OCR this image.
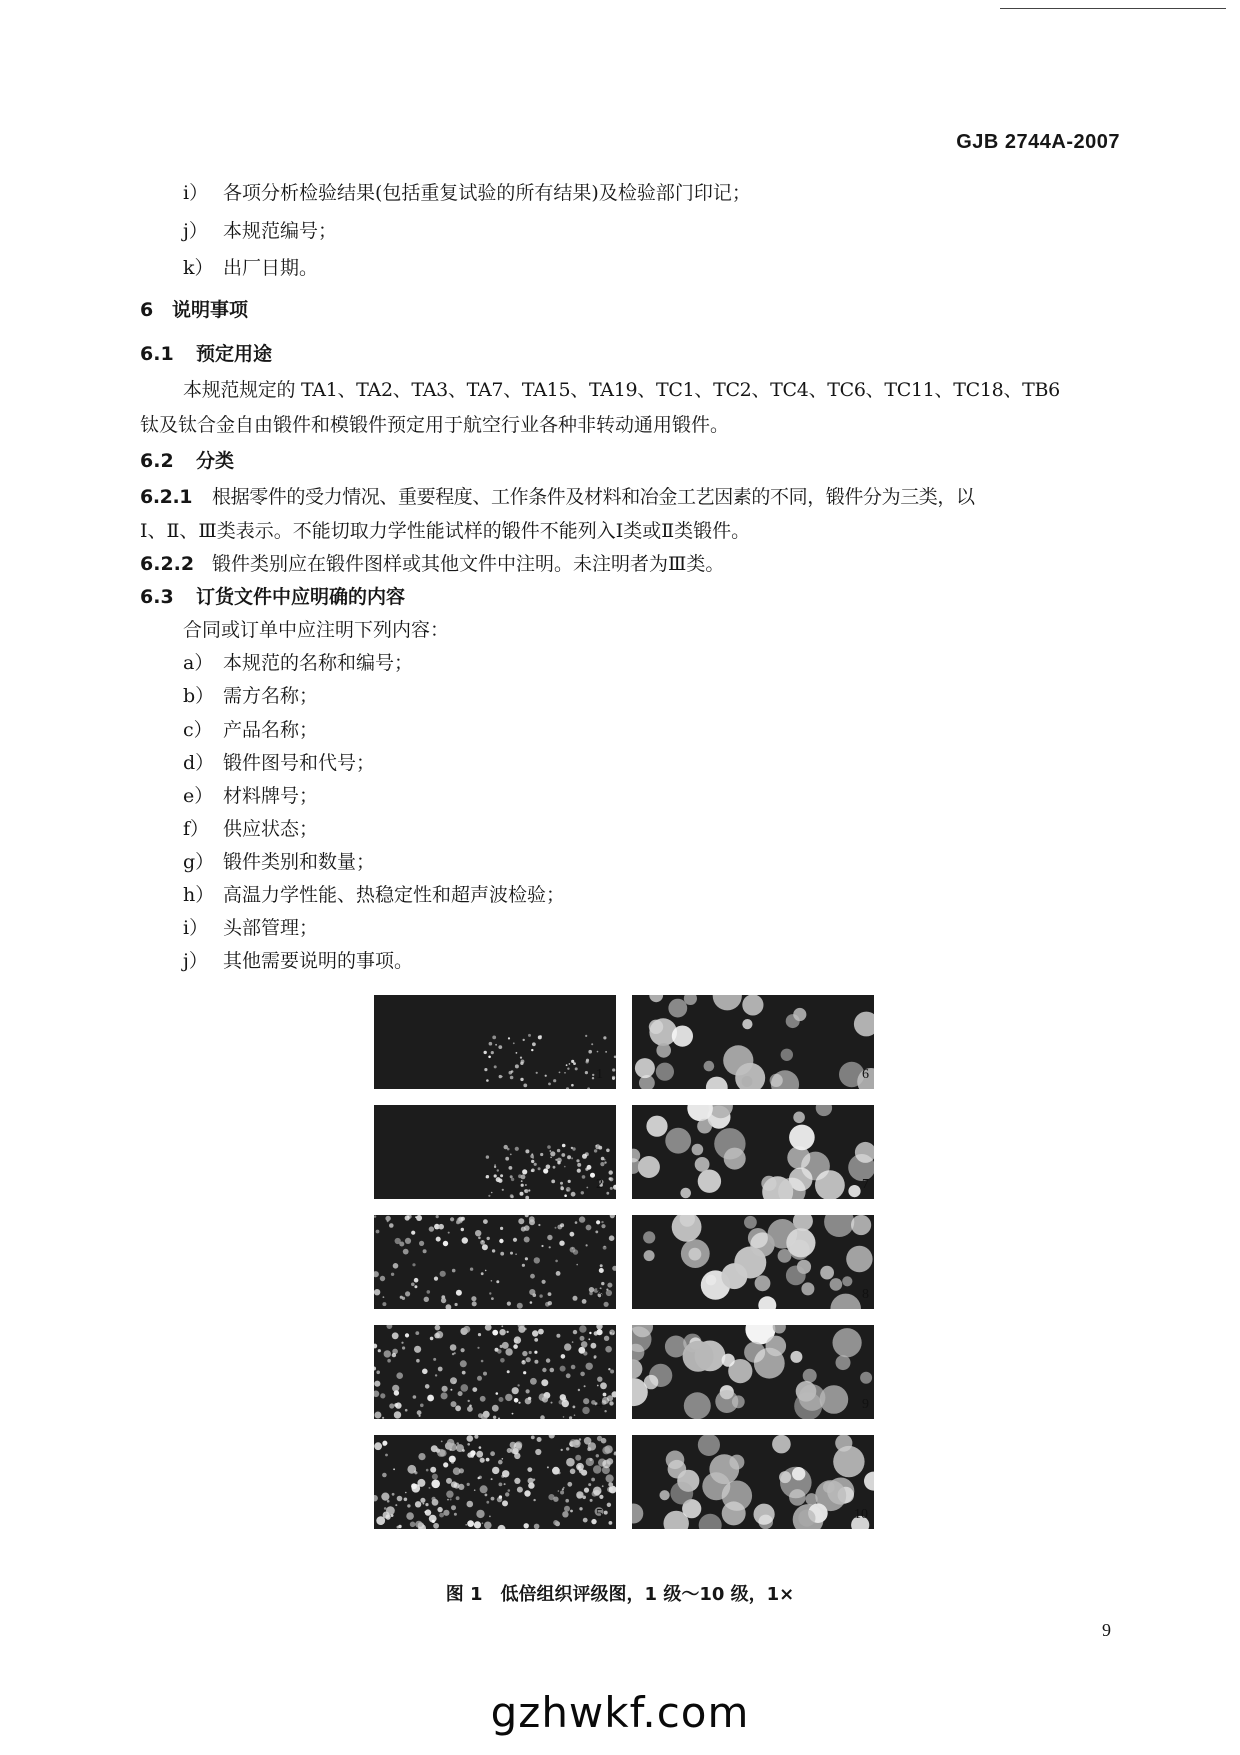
GJB 2744A-2007
i） 各项分析检验结果(包括重复试验的所有结果)及检验部门印记；
j） 本规范编号；
k） 出厂日期。
6 说明事项
6.1 预定用途
本规范规定的 TA1、TA2、TA3、TA7、TA15、TA19、TC1、TC2、TC4、TC6、TC11、TC18、TB6
钛及钛合金自由锻件和模锻件预定用于航空行业各种非转动通用锻件。
6.2 分类
6.2.1 根据零件的受力情况、重要程度、工作条件及材料和冶金工艺因素的不同，锻件分为三类，以
Ⅰ、Ⅱ、Ⅲ类表示。不能切取力学性能试样的锻件不能列入Ⅰ类或Ⅱ类锻件。
6.2.2 锻件类别应在锻件图样或其他文件中注明。未注明者为Ⅲ类。
6.3 订货文件中应明确的内容
合同或订单中应注明下列内容：
a） 本规范的名称和编号；
b） 需方名称；
c） 产品名称；
d） 锻件图号和代号；
e） 材料牌号；
f） 供应状态；
g） 锻件类别和数量；
h） 高温力学性能、热稳定性和超声波检验；
i） 头部管理；
j） 其他需要说明的事项。
1
2
3
4
5
6
7
8
9
10
图 1　低倍组织评级图，1 级～10 级，1×
9
gzhwkf.com
